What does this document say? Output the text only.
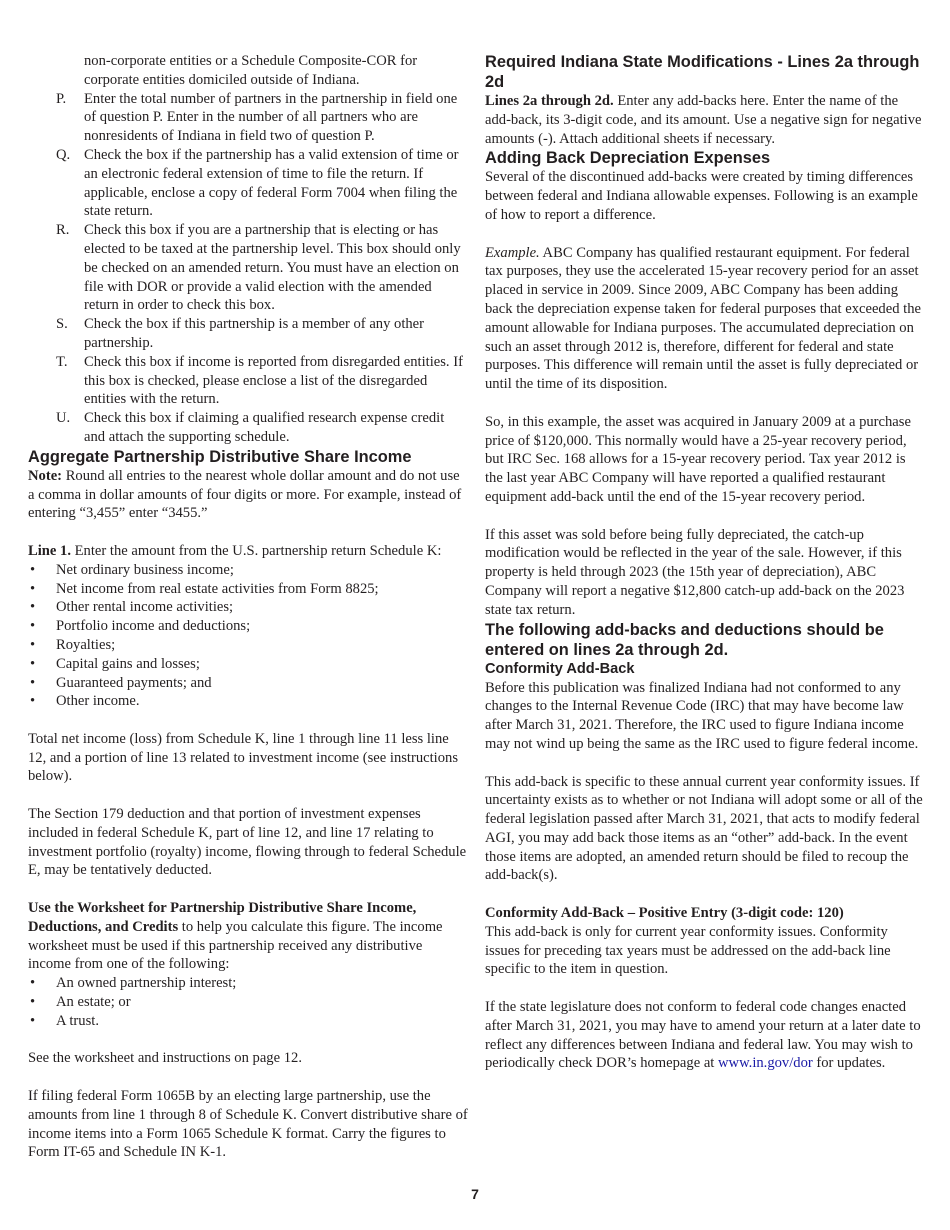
non-corporate entities or a Schedule Composite-COR for corporate entities domiciled outside of Indiana.

P. Enter the total number of partners in the partnership in field one of question P. Enter in the number of all partners who are nonresidents of Indiana in field two of question P.
Q. Check the box if the partnership has a valid extension of time or an electronic federal extension of time to file the return. If applicable, enclose a copy of federal Form 7004 when filing the state return.
R. Check this box if you are a partnership that is electing or has elected to be taxed at the partnership level. This box should only be checked on an amended return. You must have an election on file with DOR or provide a valid election with the amended return in order to check this box.
S. Check the box if this partnership is a member of any other partnership.
T. Check this box if income is reported from disregarded entities. If this box is checked, please enclose a list of the disregarded entities with the return.
U. Check this box if claiming a qualified research expense credit and attach the supporting schedule.

Aggregate Partnership Distributive Share Income

Note: Round all entries to the nearest whole dollar amount and do not use a comma in dollar amounts of four digits or more. For example, instead of entering “3,455” enter “3455.”

Line 1. Enter the amount from the U.S. partnership return Schedule K:

• Net ordinary business income;
• Net income from real estate activities from Form 8825;
• Other rental income activities;
• Portfolio income and deductions;
• Royalties;
• Capital gains and losses;
• Guaranteed payments; and
• Other income.

Total net income (loss) from Schedule K, line 1 through line 11 less line 12, and a portion of line 13 related to investment income (see instructions below).

The Section 179 deduction and that portion of investment expenses included in federal Schedule K, part of line 12, and line 17 relating to investment portfolio (royalty) income, flowing through to federal Schedule E, may be tentatively deducted.

Use the Worksheet for Partnership Distributive Share Income, Deductions, and Credits to help you calculate this figure. The income worksheet must be used if this partnership received any distributive income from one of the following:

• An owned partnership interest;
• An estate; or
• A trust.

See the worksheet and instructions on page 12.

If filing federal Form 1065B by an electing large partnership, use the amounts from line 1 through 8 of Schedule K. Convert distributive share of income items into a Form 1065 Schedule K format. Carry the figures to Form IT-65 and Schedule IN K-1.

Required Indiana State Modifications - Lines 2a through 2d

Lines 2a through 2d. Enter any add-backs here. Enter the name of the add-back, its 3-digit code, and its amount. Use a negative sign for negative amounts (-). Attach additional sheets if necessary.

Adding Back Depreciation Expenses

Several of the discontinued add-backs were created by timing differences between federal and Indiana allowable expenses. Following is an example of how to report a difference.

Example. ABC Company has qualified restaurant equipment. For federal tax purposes, they use the accelerated 15-year recovery period for an asset placed in service in 2009. Since 2009, ABC Company has been adding back the depreciation expense taken for federal purposes that exceeded the amount allowable for Indiana purposes. The accumulated depreciation on such an asset through 2012 is, therefore, different for federal and state purposes. This difference will remain until the asset is fully depreciated or until the time of its disposition.

So, in this example, the asset was acquired in January 2009 at a purchase price of $120,000. This normally would have a 25-year recovery period, but IRC Sec. 168 allows for a 15-year recovery period. Tax year 2012 is the last year ABC Company will have reported a qualified restaurant equipment add-back until the end of the 15-year recovery period.

If this asset was sold before being fully depreciated, the catch-up modification would be reflected in the year of the sale. However, if this property is held through 2023 (the 15th year of depreciation), ABC Company will report a negative $12,800 catch-up add-back on the 2023 state tax return.

The following add-backs and deductions should be entered on lines 2a through 2d.

Conformity Add-Back

Before this publication was finalized Indiana had not conformed to any changes to the Internal Revenue Code (IRC) that may have become law after March 31, 2021. Therefore, the IRC used to figure Indiana income may not wind up being the same as the IRC used to figure federal income.

This add-back is specific to these annual current year conformity issues. If uncertainty exists as to whether or not Indiana will adopt some or all of the federal legislation passed after March 31, 2021, that acts to modify federal AGI, you may add back those items as an “other” add-back. In the event those items are adopted, an amended return should be filed to recoup the add-back(s).

Conformity Add-Back – Positive Entry (3-digit code: 120)

This add-back is only for current year conformity issues. Conformity issues for preceding tax years must be addressed on the add-back line specific to the item in question.

If the state legislature does not conform to federal code changes enacted after March 31, 2021, you may have to amend your return at a later date to reflect any differences between Indiana and federal law. You may wish to periodically check DOR’s homepage at www.in.gov/dor for updates.

7
